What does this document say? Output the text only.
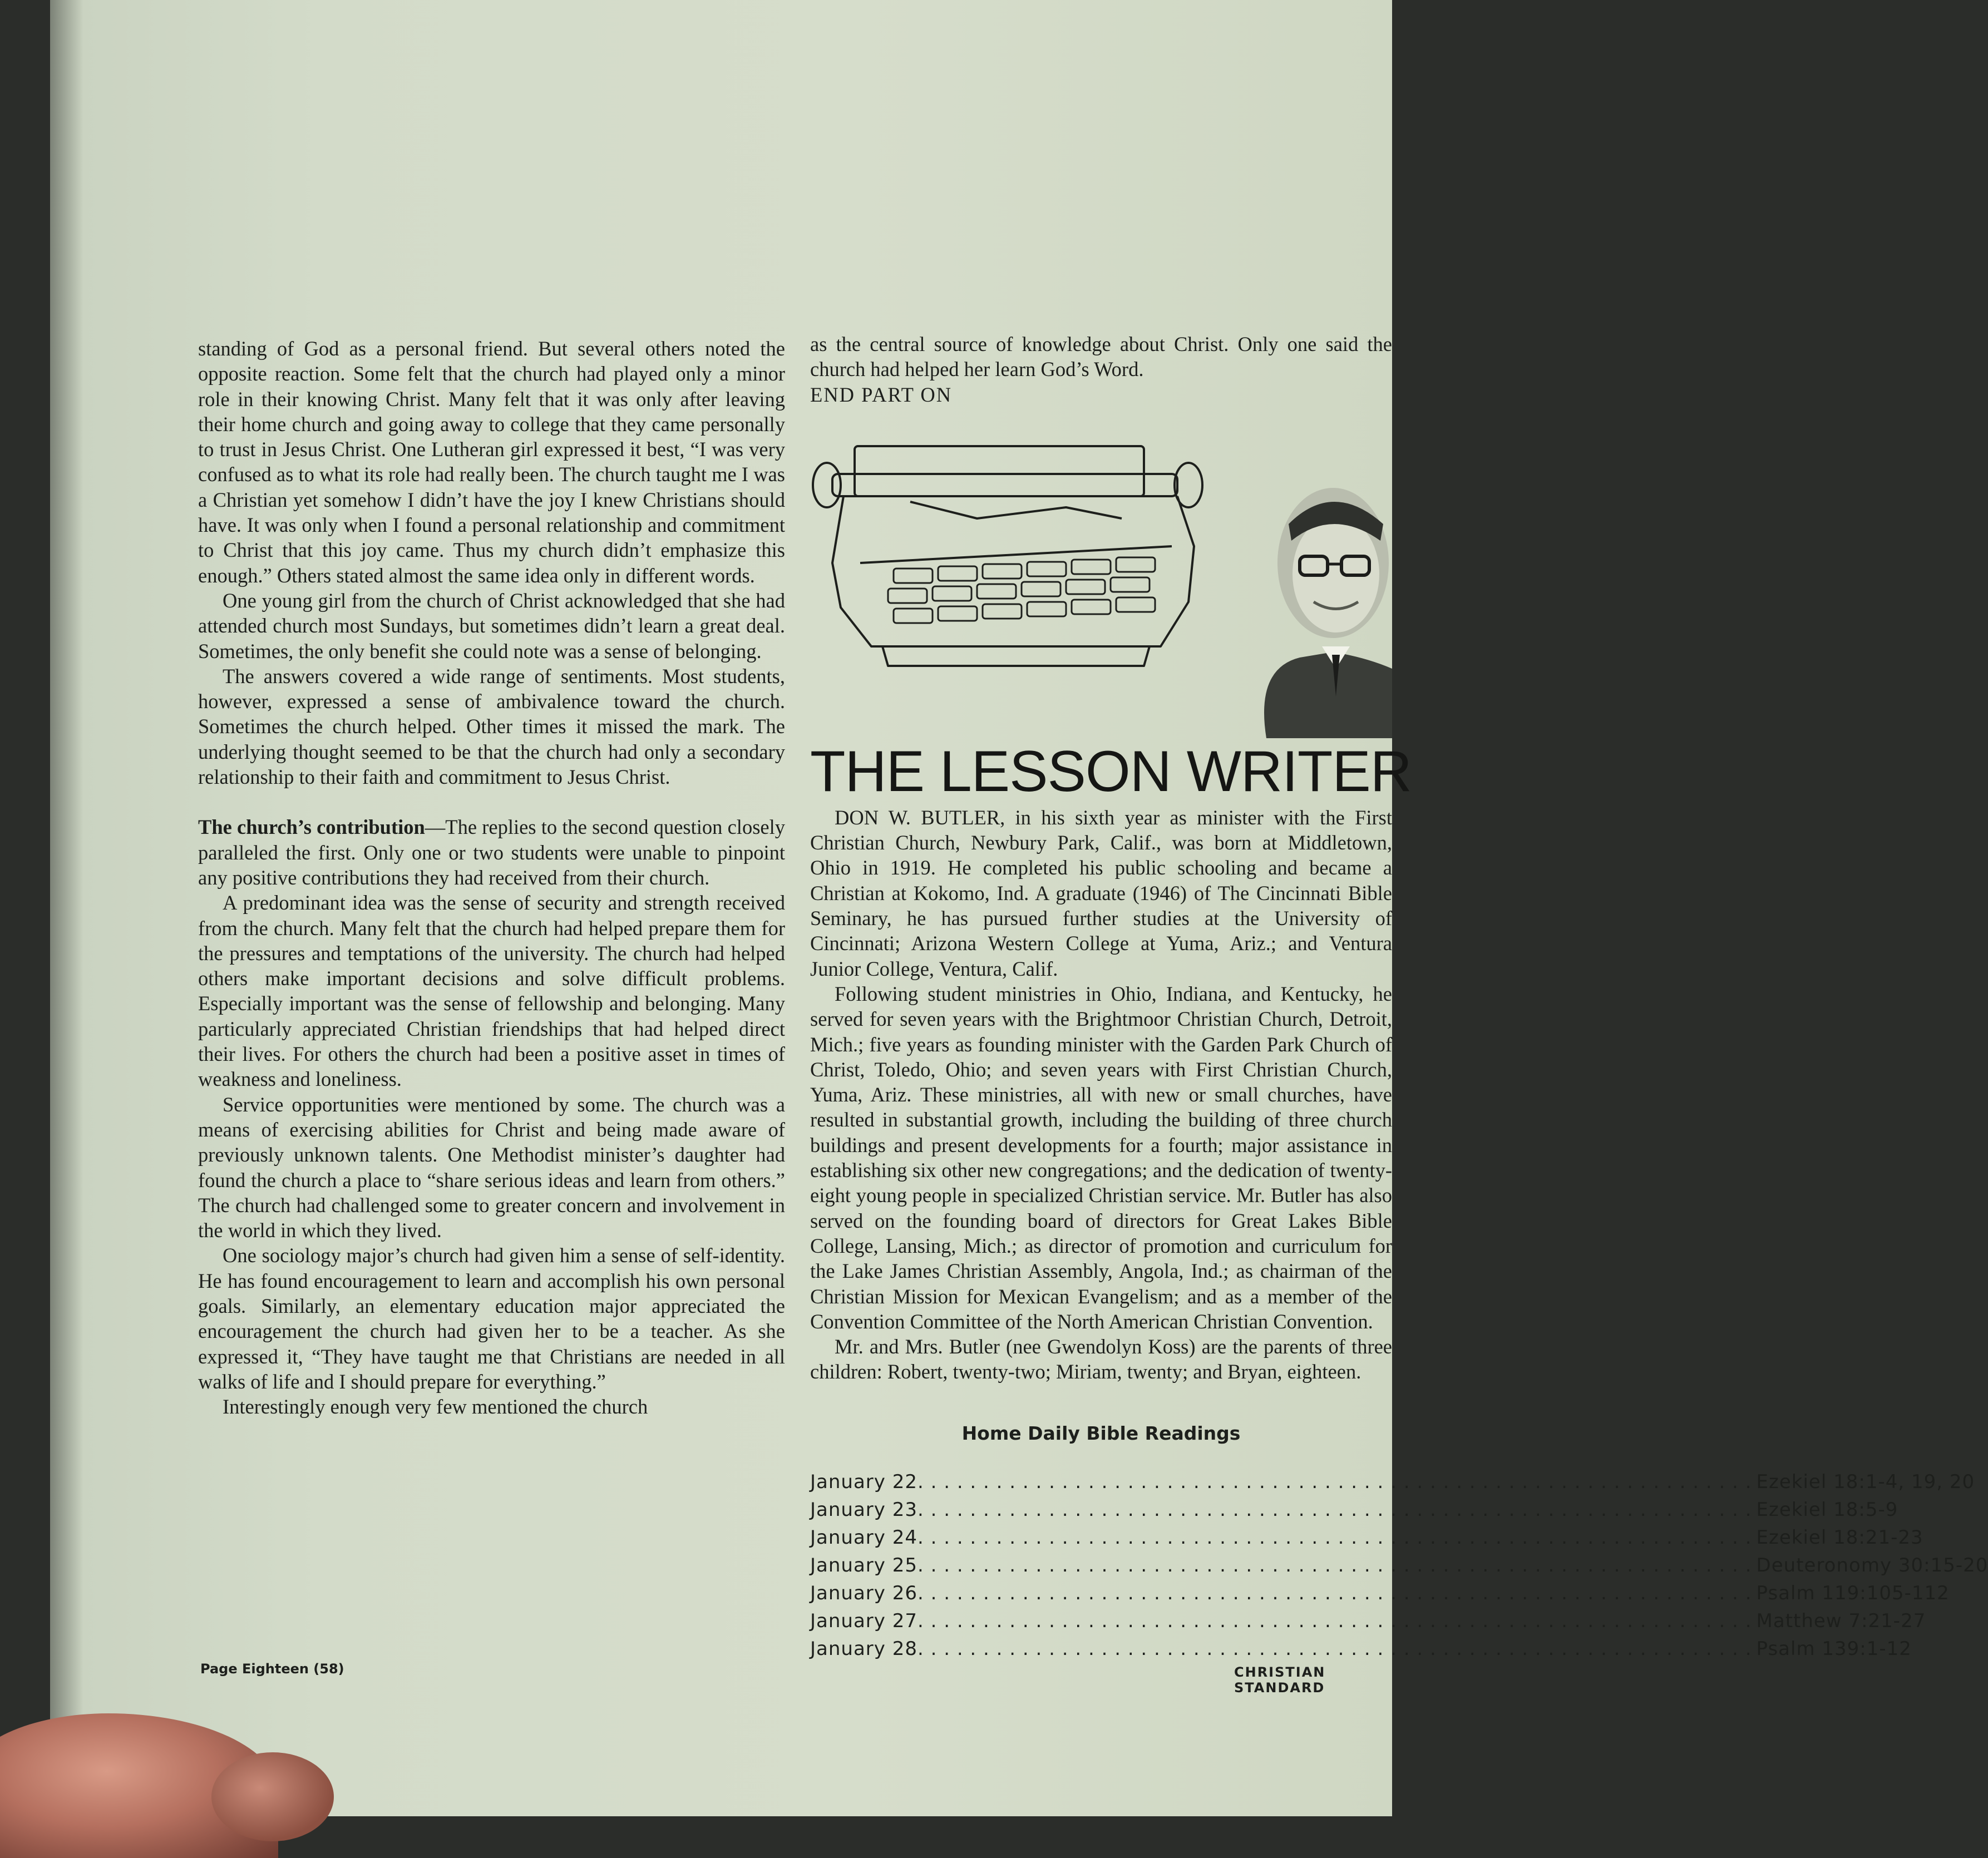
standing of God as a personal friend. But several others noted the opposite reaction. Some felt that the church had played only a minor role in their knowing Christ. Many felt that it was only after leaving their home church and going away to college that they came personally to trust in Jesus Christ. One Lutheran girl expressed it best, “I was very confused as to what its role had really been. The church taught me I was a Christian yet somehow I didn’t have the joy I knew Christians should have. It was only when I found a personal relationship and commitment to Christ that this joy came. Thus my church didn’t emphasize this enough.” Others stated almost the same idea only in different words.

One young girl from the church of Christ acknowledged that she had attended church most Sundays, but sometimes didn’t learn a great deal. Sometimes, the only benefit she could note was a sense of belonging.

The answers covered a wide range of sentiments. Most students, however, expressed a sense of ambivalence toward the church. Sometimes the church helped. Other times it missed the mark. The underlying thought seemed to be that the church had only a secondary relationship to their faith and commitment to Jesus Christ.

The church’s contribution—The replies to the second question closely paralleled the first. Only one or two students were unable to pinpoint any positive contributions they had received from their church.

A predominant idea was the sense of security and strength received from the church. Many felt that the church had helped prepare them for the pressures and temptations of the university. The church had helped others make important decisions and solve difficult problems. Especially important was the sense of fellowship and belonging. Many particularly appreciated Christian friendships that had helped direct their lives. For others the church had been a positive asset in times of weakness and loneliness.

Service opportunities were mentioned by some. The church was a means of exercising abilities for Christ and being made aware of previously unknown talents. One Methodist minister’s daughter had found the church a place to “share serious ideas and learn from others.” The church had challenged some to greater concern and involvement in the world in which they lived.

One sociology major’s church had given him a sense of self-identity. He has found encouragement to learn and accomplish his own personal goals. Similarly, an elementary education major appreciated the encouragement the church had given her to be a teacher. As she expressed it, “They have taught me that Christians are needed in all walks of life and I should prepare for everything.”

Interestingly enough very few mentioned the church

as the central source of knowledge about Christ. Only one said the church had helped her learn God’s Word.

END PART ON

THE LESSON WRITER

DON W. BUTLER, in his sixth year as minister with the First Christian Church, Newbury Park, Calif., was born at Middletown, Ohio in 1919. He completed his public schooling and became a Christian at Kokomo, Ind. A graduate (1946) of The Cincinnati Bible Seminary, he has pursued further studies at the University of Cincinnati; Arizona Western College at Yuma, Ariz.; and Ventura Junior College, Ventura, Calif.

Following student ministries in Ohio, Indiana, and Kentucky, he served for seven years with the Brightmoor Christian Church, Detroit, Mich.; five years as founding minister with the Garden Park Church of Christ, Toledo, Ohio; and seven years with First Christian Church, Yuma, Ariz. These ministries, all with new or small churches, have resulted in substantial growth, including the building of three church buildings and present developments for a fourth; major assistance in establishing six other new congregations; and the dedication of twenty-eight young people in specialized Christian service. Mr. Butler has also served on the founding board of directors for Great Lakes Bible College, Lansing, Mich.; as director of promotion and curriculum for the Lake James Christian Assembly, Angola, Ind.; as chairman of the Christian Mission for Mexican Evangelism; and as a member of the Convention Committee of the North American Christian Convention.

Mr. and Mrs. Butler (nee Gwendolyn Koss) are the parents of three children: Robert, twenty-two; Miriam, twenty; and Bryan, eighteen.

Home Daily Bible Readings
January 22 . . .	Ezekiel 18:1-4, 19, 20
January 23 . . .	Ezekiel 18:5-9
January 24 . . .	Ezekiel 18:21-23
January 25 . . .	Deuteronomy 30:15-20
January 26 . . .	Psalm 119:105-112
January 27 . . .	Matthew 7:21-27
January 28 . . .	Psalm 139:1-12
Page Eighteen (58)	CHRISTIAN STANDARD
